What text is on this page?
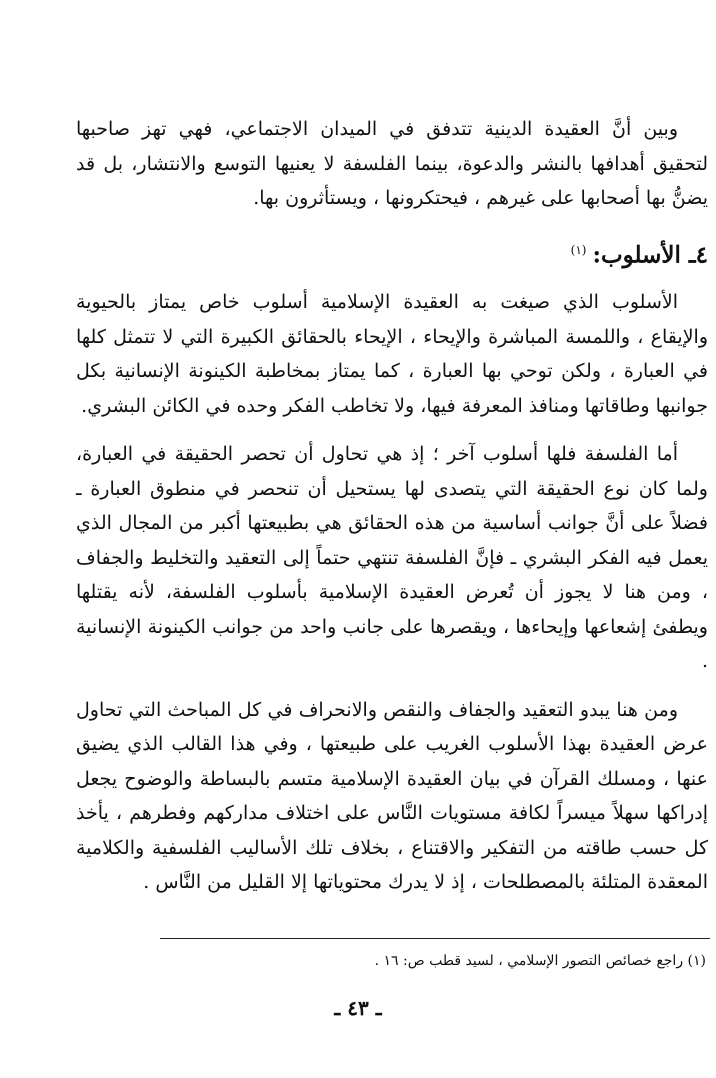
وبين أنَّ العقيدة الدينية تتدفق في الميدان الاجتماعي، فهي تهز صاحبها لتحقيق أهدافها بالنشر والدعوة، بينما الفلسفة لا يعنيها التوسع والانتشار، بل قد يضنُّ بها أصحابها على غيرهم ، فيحتكرونها ، ويستأثرون بها.

٤ـ الأسلوب:$^{(١)}$

الأسلوب الذي صيغت به العقيدة الإسلامية أسلوب خاص يمتاز بالحيوية والإيقاع ، واللمسة المباشرة والإيحاء ، الإيحاء بالحقائق الكبيرة التي لا تتمثل كلها في العبارة ، ولكن توحي بها العبارة ، كما يمتاز بمخاطبة الكينونة الإنسانية بكل جوانبها وطاقاتها ومنافذ المعرفة فيها، ولا تخاطب الفكر وحده في الكائن البشري.

أما الفلسفة فلها أسلوب آخر ؛ إذ هي تحاول أن تحصر الحقيقة في العبارة، ولما كان نوع الحقيقة التي يتصدى لها يستحيل أن تنحصر في منطوق العبارة ـ فضلاً على أنَّ جوانب أساسية من هذه الحقائق هي بطبيعتها أكبر من المجال الذي يعمل فيه الفكر البشري ـ فإنَّ الفلسفة تنتهي حتماً إلى التعقيد والتخليط والجفاف ، ومن هنا لا يجوز أن تُعرض العقيدة الإسلامية بأسلوب الفلسفة، لأنه يقتلها ويطفئ إشعاعها وإيحاءها ، ويقصرها على جانب واحد من جوانب الكينونة الإنسانية .

ومن هنا يبدو التعقيد والجفاف والنقص والانحراف في كل المباحث التي تحاول عرض العقيدة بهذا الأسلوب الغريب على طبيعتها ، وفي هذا القالب الذي يضيق عنها ، ومسلك القرآن في بيان العقيدة الإسلامية متسم بالبساطة والوضوح يجعل إدراكها سهلاً ميسراً لكافة مستويات النَّاس على اختلاف مداركهم وفطرهم ، يأخذ كل حسب طاقته من التفكير والاقتناع ، بخلاف تلك الأساليب الفلسفية والكلامية المعقدة المتلئة بالمصطلحات ، إذ لا يدرك محتوياتها إلا القليل من النَّاس .

(١) راجع خصائص التصور الإسلامي ، لسيد قطب ص: ١٦ .
ـ ٤٣ ـ
